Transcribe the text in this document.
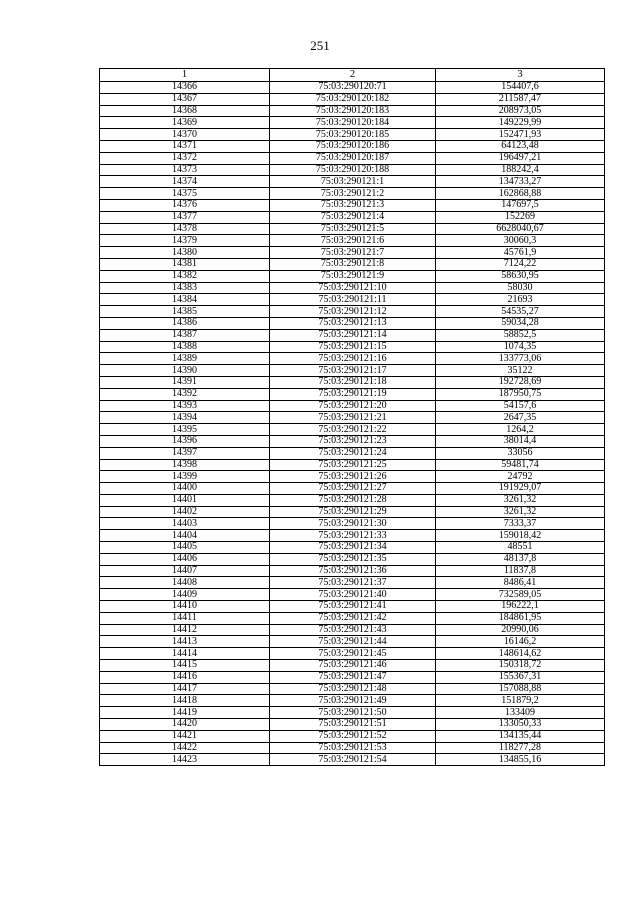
251
1	2	3
14366	75:03:290120:71	154407,6
14367	75:03:290120:182	211587,47
14368	75:03:290120:183	208973,05
14369	75:03:290120:184	149229,99
14370	75:03:290120:185	152471,93
14371	75:03:290120:186	64123,48
14372	75:03:290120:187	196497,21
14373	75:03:290120:188	188242,4
14374	75:03:290121:1	134733,27
14375	75:03:290121:2	162868,88
14376	75:03:290121:3	147697,5
14377	75:03:290121:4	152269
14378	75:03:290121:5	6628040,67
14379	75:03:290121:6	30060,3
14380	75:03:290121:7	45761,9
14381	75:03:290121:8	7124,22
14382	75:03:290121:9	58630,95
14383	75:03:290121:10	58030
14384	75:03:290121:11	21693
14385	75:03:290121:12	54535,27
14386	75:03:290121:13	59034,28
14387	75:03:290121:14	58852,5
14388	75:03:290121:15	1074,35
14389	75:03:290121:16	133773,06
14390	75:03:290121:17	35122
14391	75:03:290121:18	192728,69
14392	75:03:290121:19	187950,75
14393	75:03:290121:20	54157,6
14394	75:03:290121:21	2647,35
14395	75:03:290121:22	1264,2
14396	75:03:290121:23	38014,4
14397	75:03:290121:24	33056
14398	75:03:290121:25	59481,74
14399	75:03:290121:26	24792
14400	75:03:290121:27	191929,07
14401	75:03:290121:28	3261,32
14402	75:03:290121:29	3261,32
14403	75:03:290121:30	7333,37
14404	75:03:290121:33	159018,42
14405	75:03:290121:34	48551
14406	75:03:290121:35	48137,8
14407	75:03:290121:36	11837,8
14408	75:03:290121:37	8486,41
14409	75:03:290121:40	732589,05
14410	75:03:290121:41	196222,1
14411	75:03:290121:42	184861,95
14412	75:03:290121:43	20990,06
14413	75:03:290121:44	16146,2
14414	75:03:290121:45	148614,62
14415	75:03:290121:46	150318,72
14416	75:03:290121:47	155367,31
14417	75:03:290121:48	157088,88
14418	75:03:290121:49	151879,2
14419	75:03:290121:50	133409
14420	75:03:290121:51	133050,33
14421	75:03:290121:52	134135,44
14422	75:03:290121:53	118277,28
14423	75:03:290121:54	134855,16
